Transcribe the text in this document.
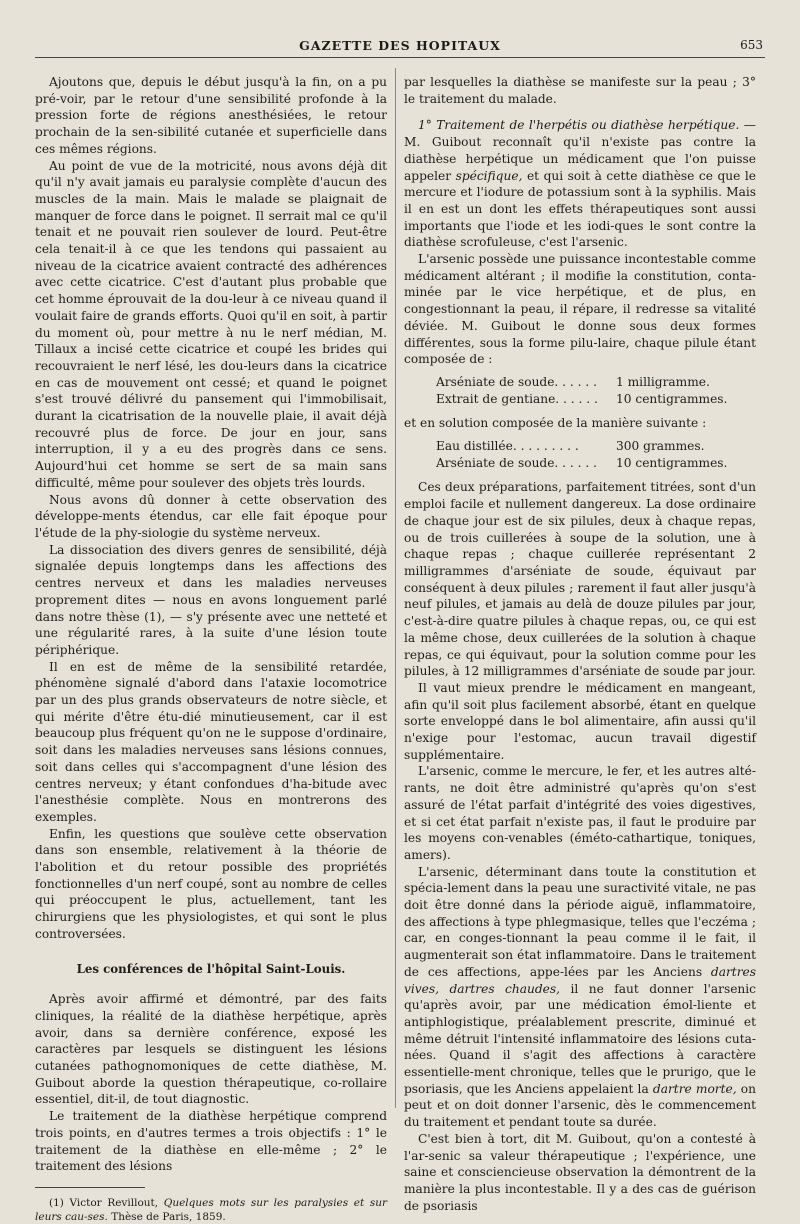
GAZETTE DES HOPITAUX	653

Ajoutons que, depuis le début jusqu'à la fin, on a pu pré-voir, par le retour d'une sensibilité profonde à la pression forte de régions anesthésiées, le retour prochain de la sen-sibilité cutanée et superficielle dans ces mêmes régions.

Au point de vue de la motricité, nous avons déjà dit qu'il n'y avait jamais eu paralysie complète d'aucun des muscles de la main. Mais le malade se plaignait de manquer de force dans le poignet. Il serrait mal ce qu'il tenait et ne pouvait rien soulever de lourd. Peut-être cela tenait-il à ce que les tendons qui passaient au niveau de la cicatrice avaient contracté des adhérences avec cette cicatrice. C'est d'autant plus probable que cet homme éprouvait de la dou-leur à ce niveau quand il voulait faire de grands efforts. Quoi qu'il en soit, à partir du moment où, pour mettre à nu le nerf médian, M. Tillaux a incisé cette cicatrice et coupé les brides qui recouvraient le nerf lésé, les dou-leurs dans la cicatrice en cas de mouvement ont cessé; et quand le poignet s'est trouvé délivré du pansement qui l'immobilisait, durant la cicatrisation de la nouvelle plaie, il avait déjà recouvré plus de force. De jour en jour, sans interruption, il y a eu des progrès dans ce sens. Aujourd'hui cet homme se sert de sa main sans difficulté, même pour soulever des objets très lourds.

Nous avons dû donner à cette observation des développe-ments étendus, car elle fait époque pour l'étude de la phy-siologie du système nerveux.

La dissociation des divers genres de sensibilité, déjà signalée depuis longtemps dans les affections des centres nerveux et dans les maladies nerveuses proprement dites — nous en avons longuement parlé dans notre thèse (1), — s'y présente avec une netteté et une régularité rares, à la suite d'une lésion toute périphérique.

Il en est de même de la sensibilité retardée, phénomène signalé d'abord dans l'ataxie locomotrice par un des plus grands observateurs de notre siècle, et qui mérite d'être étu-dié minutieusement, car il est beaucoup plus fréquent qu'on ne le suppose d'ordinaire, soit dans les maladies nerveuses sans lésions connues, soit dans celles qui s'accompagnent d'une lésion des centres nerveux; y étant confondues d'ha-bitude avec l'anesthésie complète. Nous en montrerons des exemples.

Enfin, les questions que soulève cette observation dans son ensemble, relativement à la théorie de l'abolition et du retour possible des propriétés fonctionnelles d'un nerf coupé, sont au nombre de celles qui préoccupent le plus, actuellement, tant les chirurgiens que les physiologistes, et qui sont le plus controversées.

Les conférences de l'hôpital Saint-Louis.

Après avoir affirmé et démontré, par des faits cliniques, la réalité de la diathèse herpétique, après avoir, dans sa dernière conférence, exposé les caractères par lesquels se distinguent les lésions cutanées pathognomoniques de cette diathèse, M. Guibout aborde la question thérapeutique, co-rollaire essentiel, dit-il, de tout diagnostic.

Le traitement de la diathèse herpétique comprend trois points, en d'autres termes a trois objectifs : 1° le traitement de la diathèse en elle-même ; 2° le traitement des lésions

(1) Victor Revillout, Quelques mots sur les paralysies et sur leurs cau-ses. Thèse de Paris, 1859.

par lesquelles la diathèse se manifeste sur la peau ; 3° le traitement du malade.

1° Traitement de l'herpétis ou diathèse herpétique. — M. Guibout reconnaît qu'il n'existe pas contre la diathèse herpétique un médicament que l'on puisse appeler spécifique, et qui soit à cette diathèse ce que le mercure et l'iodure de potassium sont à la syphilis. Mais il en est un dont les effets thérapeutiques sont aussi importants que l'iode et les iodi-ques le sont contre la diathèse scrofuleuse, c'est l'arsenic.

L'arsenic possède une puissance incontestable comme médicament altérant ; il modifie la constitution, conta-minée par le vice herpétique, et de plus, en congestionnant la peau, il répare, il redresse sa vitalité déviée. M. Guibout le donne sous deux formes différentes, sous la forme pilu-laire, chaque pilule étant composée de :

Arséniate de soude. . . . . .	1 milligramme.
Extrait de gentiane. . . . . .	10 centigrammes.

et en solution composée de la manière suivante :

Eau distillée. . . . . . . . .	300 grammes.
Arséniate de soude. . . . . .	10 centigrammes.

Ces deux préparations, parfaitement titrées, sont d'un emploi facile et nullement dangereux. La dose ordinaire de chaque jour est de six pilules, deux à chaque repas, ou de trois cuillerées à soupe de la solution, une à chaque repas ; chaque cuillerée représentant 2 milligrammes d'arséniate de soude, équivaut par conséquent à deux pilules ; rarement il faut aller jusqu'à neuf pilules, et jamais au delà de douze pilules par jour, c'est-à-dire quatre pilules à chaque repas, ou, ce qui est la même chose, deux cuillerées de la solution à chaque repas, ce qui équivaut, pour la solution comme pour les pilules, à 12 milligrammes d'arséniate de soude par jour.

Il vaut mieux prendre le médicament en mangeant, afin qu'il soit plus facilement absorbé, étant en quelque sorte enveloppé dans le bol alimentaire, afin aussi qu'il n'exige pour l'estomac, aucun travail digestif supplémentaire.

L'arsenic, comme le mercure, le fer, et les autres alté-rants, ne doit être administré qu'après qu'on s'est assuré de l'état parfait d'intégrité des voies digestives, et si cet état parfait n'existe pas, il faut le produire par les moyens con-venables (éméto-cathartique, toniques, amers).

L'arsenic, déterminant dans toute la constitution et spécia-lement dans la peau une suractivité vitale, ne pas doit être donné dans la période aiguë, inflammatoire, des affections à type phlegmasique, telles que l'eczéma ; car, en conges-tionnant la peau comme il le fait, il augmenterait son état inflammatoire. Dans le traitement de ces affections, appe-lées par les Anciens dartres vives, dartres chaudes, il ne faut donner l'arsenic qu'après avoir, par une médication émol-liente et antiphlogistique, préalablement prescrite, diminué et même détruit l'intensité inflammatoire des lésions cuta-nées. Quand il s'agit des affections à caractère essentielle-ment chronique, telles que le prurigo, que le psoriasis, que les Anciens appelaient la dartre morte, on peut et on doit donner l'arsenic, dès le commencement du traitement et pendant toute sa durée.

C'est bien à tort, dit M. Guibout, qu'on a contesté à l'ar-senic sa valeur thérapeutique ; l'expérience, une saine et consciencieuse observation la démontrent de la manière la plus incontestable. Il y a des cas de guérison de psoriasis
